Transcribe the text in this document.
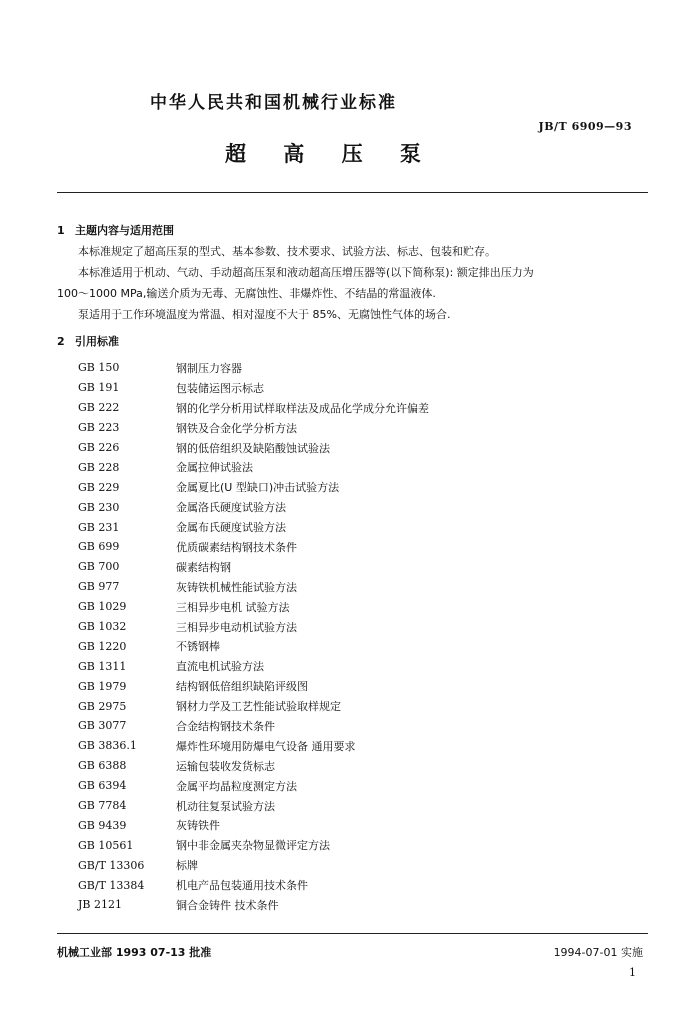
中华人民共和国机械行业标准
JB/T 6909—93
超 高 压 泵
1 主题内容与适用范围
本标准规定了超高压泵的型式、基本参数、技术要求、试验方法、标志、包装和贮存。
本标准适用于机动、气动、手动超高压泵和液动超高压增压器等(以下简称泵): 额定排出压力为
100～1000 MPa,输送介质为无毒、无腐蚀性、非爆炸性、不结晶的常温液体.
泵适用于工作环境温度为常温、相对湿度不大于 85%、无腐蚀性气体的场合.
2 引用标准
GB 150	钢制压力容器
GB 191	包装储运图示标志
GB 222	钢的化学分析用试样取样法及成品化学成分允许偏差
GB 223	钢铁及合金化学分析方法
GB 226	钢的低倍组织及缺陷酸蚀试验法
GB 228	金属拉伸试验法
GB 229	金属夏比(U 型缺口)冲击试验方法
GB 230	金属洛氏硬度试验方法
GB 231	金属布氏硬度试验方法
GB 699	优质碳素结构钢技术条件
GB 700	碳素结构钢
GB 977	灰铸铁机械性能试验方法
GB 1029	三相异步电机 试验方法
GB 1032	三相异步电动机试验方法
GB 1220	不锈钢棒
GB 1311	直流电机试验方法
GB 1979	结构钢低倍组织缺陷评级图
GB 2975	钢材力学及工艺性能试验取样规定
GB 3077	合金结构钢技术条件
GB 3836.1	爆炸性环境用防爆电气设备 通用要求
GB 6388	运输包装收发货标志
GB 6394	金属平均晶粒度测定方法
GB 7784	机动往复泵试验方法
GB 9439	灰铸铁件
GB 10561	钢中非金属夹杂物显微评定方法
GB/T 13306	标牌
GB/T 13384	机电产品包装通用技术条件
JB 2121	铜合金铸件 技术条件
机械工业部 1993 07-13 批准	1994-07-01 实施
1
